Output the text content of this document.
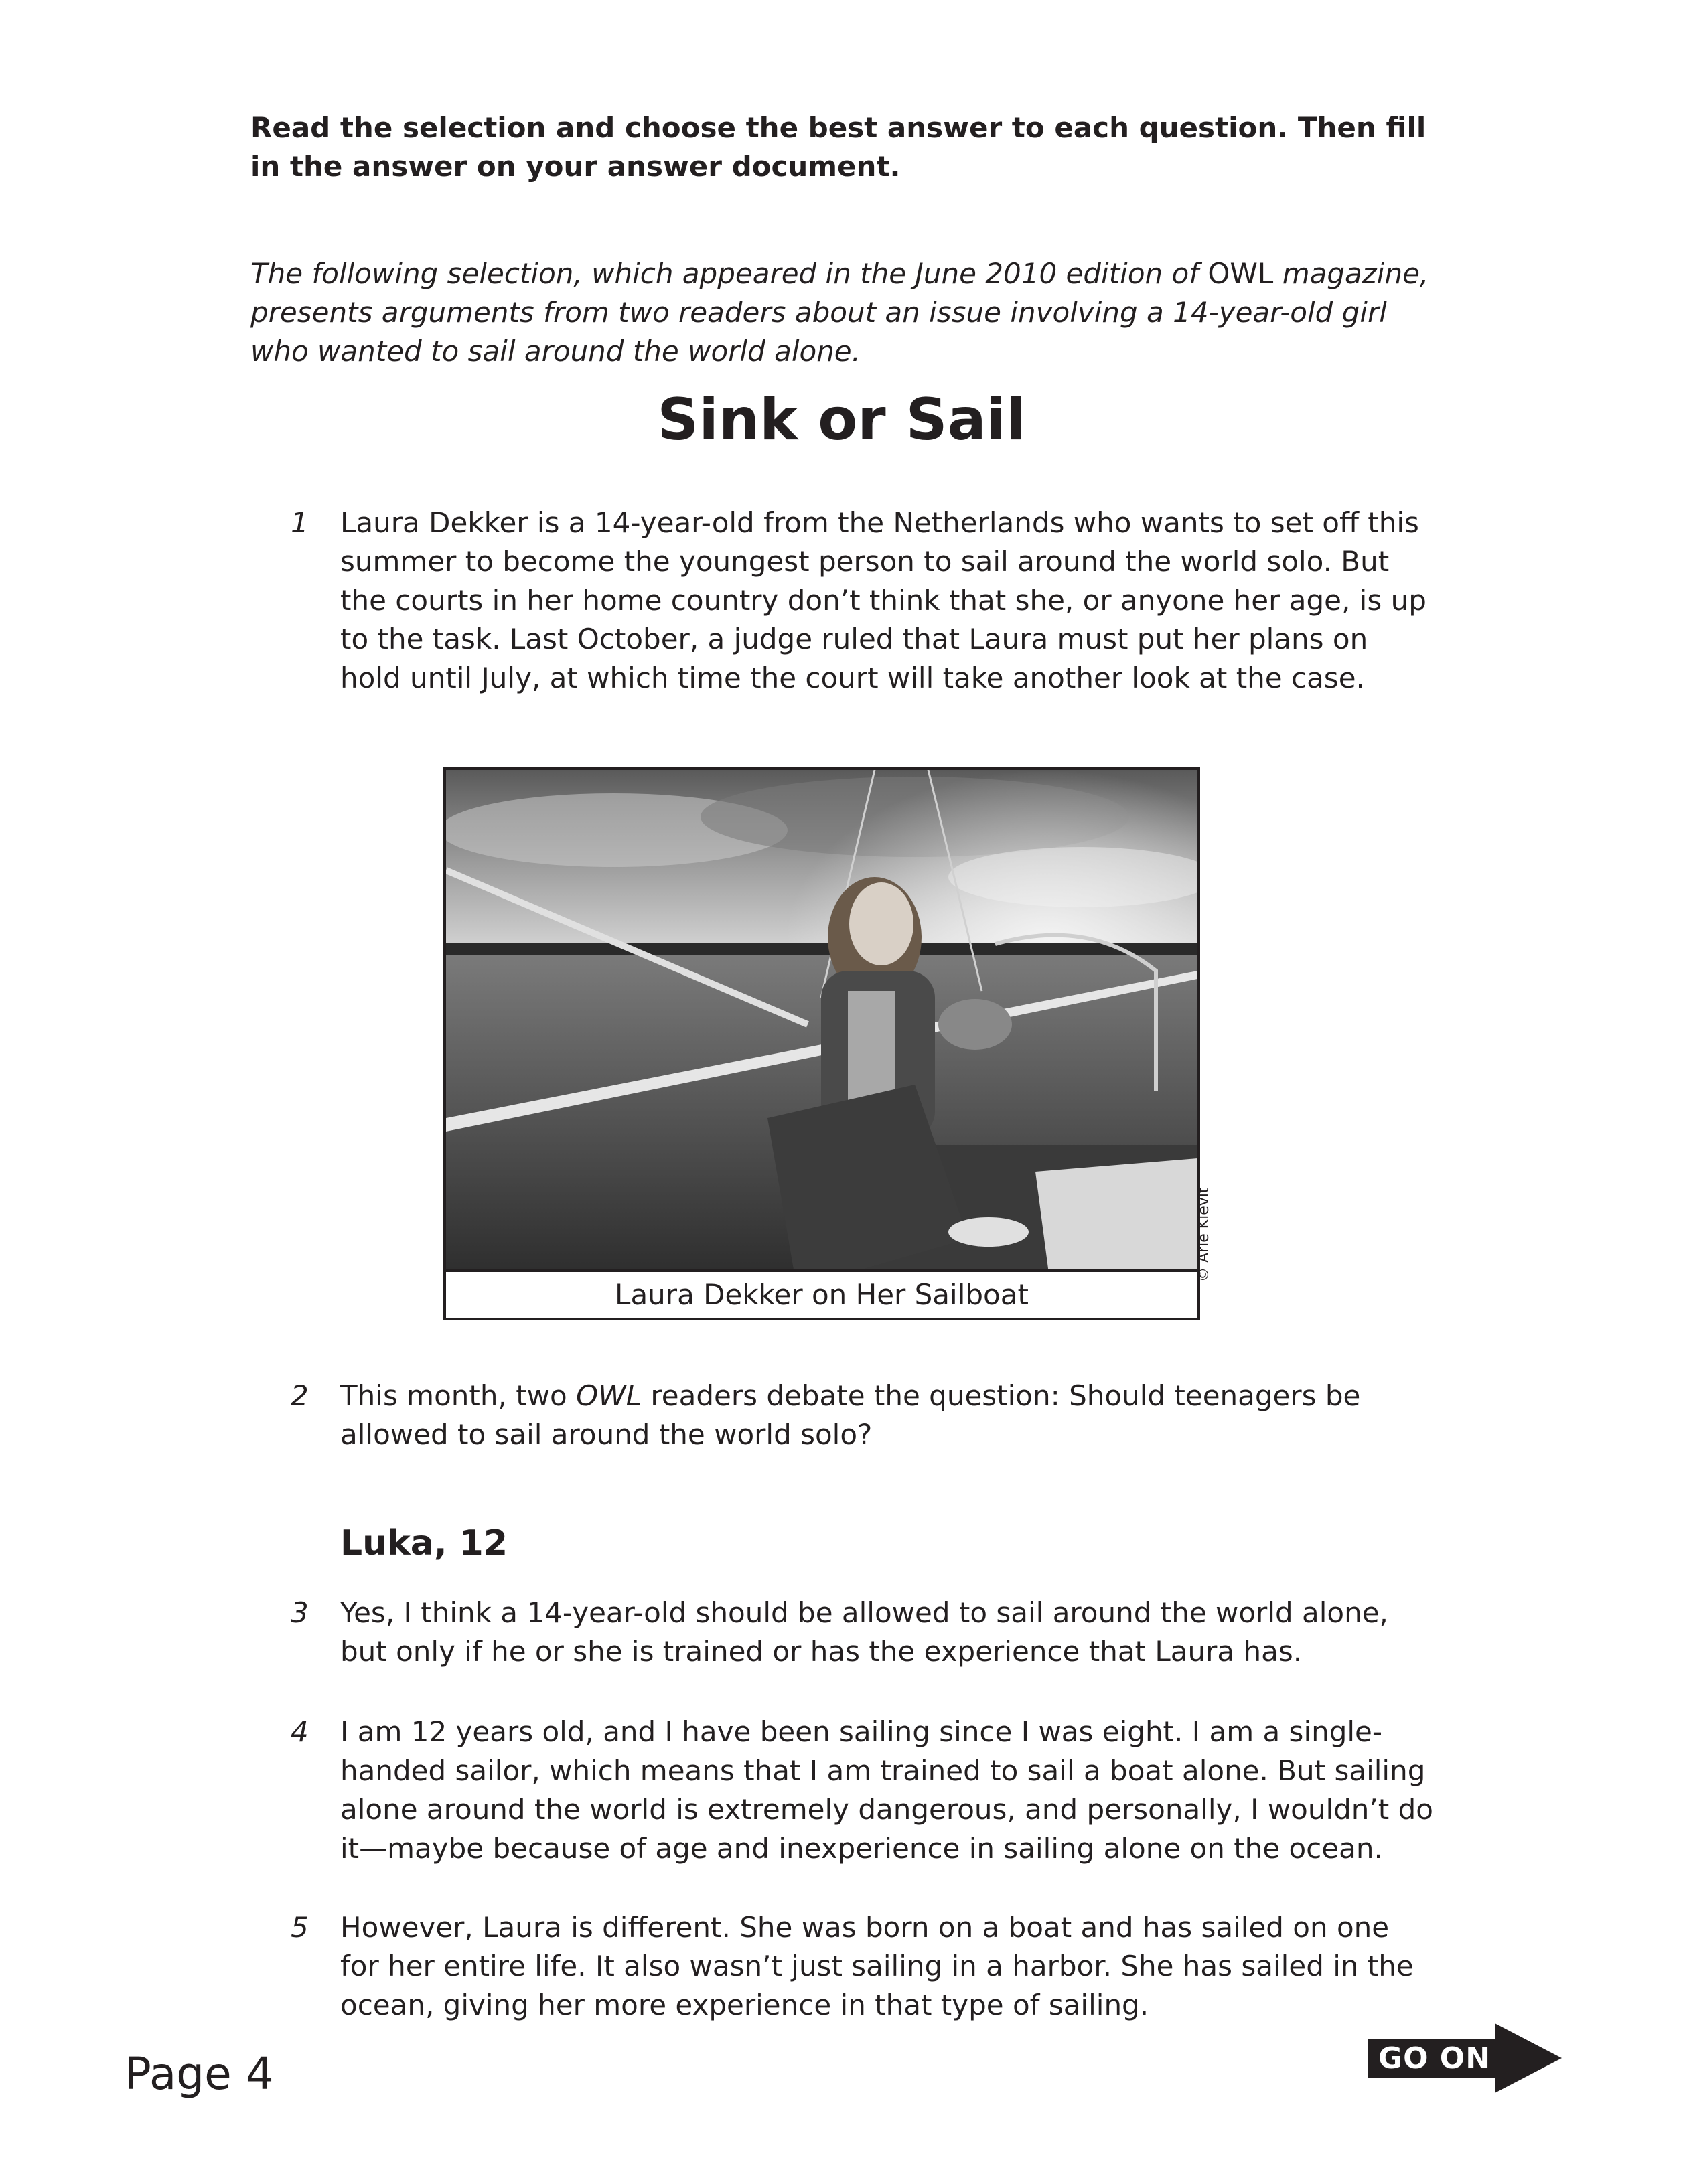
Read the selection and choose the best answer to each question. Then fill in the answer on your answer document.
The following selection, which appeared in the June 2010 edition of OWL magazine, presents arguments from two readers about an issue involving a 14-year-old girl who wanted to sail around the world alone.
Sink or Sail
1	Laura Dekker is a 14-year-old from the Netherlands who wants to set off this summer to become the youngest person to sail around the world solo. But the courts in her home country don’t think that she, or anyone her age, is up to the task. Last October, a judge ruled that Laura must put her plans on hold until July, at which time the court will take another look at the case.
Laura Dekker on Her Sailboat
© Arie Kievit
2	This month, two OWL readers debate the question: Should teenagers be allowed to sail around the world solo?
Luka, 12
3	Yes, I think a 14-year-old should be allowed to sail around the world alone, but only if he or she is trained or has the experience that Laura has.
4	I am 12 years old, and I have been sailing since I was eight. I am a single-handed sailor, which means that I am trained to sail a boat alone. But sailing alone around the world is extremely dangerous, and personally, I wouldn’t do it—maybe because of age and inexperience in sailing alone on the ocean.
5	However, Laura is different. She was born on a boat and has sailed on one for her entire life. It also wasn’t just sailing in a harbor. She has sailed in the ocean, giving her more experience in that type of sailing.
Page 4	GO ON
